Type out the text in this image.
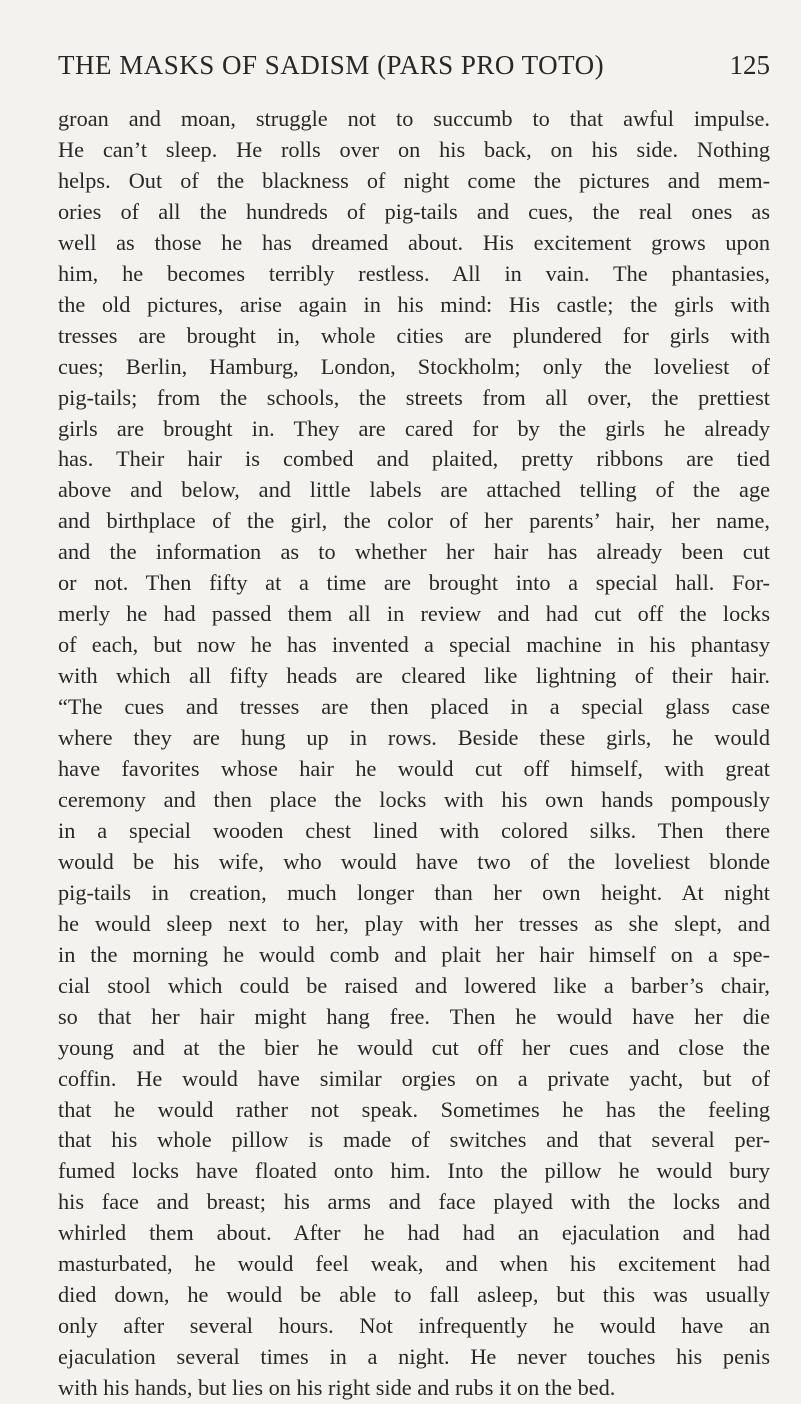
THE MASKS OF SADISM (PARS PRO TOTO)	125
groan and moan, struggle not to succumb to that awful impulse.
He can’t sleep. He rolls over on his back, on his side. Nothing
helps. Out of the blackness of night come the pictures and mem-
ories of all the hundreds of pig-tails and cues, the real ones as
well as those he has dreamed about. His excitement grows upon
him, he becomes terribly restless. All in vain. The phantasies,
the old pictures, arise again in his mind: His castle; the girls with
tresses are brought in, whole cities are plundered for girls with
cues; Berlin, Hamburg, London, Stockholm; only the loveliest of
pig-tails; from the schools, the streets from all over, the prettiest
girls are brought in. They are cared for by the girls he already
has. Their hair is combed and plaited, pretty ribbons are tied
above and below, and little labels are attached telling of the age
and birthplace of the girl, the color of her parents’ hair, her name,
and the information as to whether her hair has already been cut
or not. Then fifty at a time are brought into a special hall. For-
merly he had passed them all in review and had cut off the locks
of each, but now he has invented a special machine in his phantasy
with which all fifty heads are cleared like lightning of their hair.
“The cues and tresses are then placed in a special glass case
where they are hung up in rows. Beside these girls, he would
have favorites whose hair he would cut off himself, with great
ceremony and then place the locks with his own hands pompously
in a special wooden chest lined with colored silks. Then there
would be his wife, who would have two of the loveliest blonde
pig-tails in creation, much longer than her own height. At night
he would sleep next to her, play with her tresses as she slept, and
in the morning he would comb and plait her hair himself on a spe-
cial stool which could be raised and lowered like a barber’s chair,
so that her hair might hang free. Then he would have her die
young and at the bier he would cut off her cues and close the
coffin. He would have similar orgies on a private yacht, but of
that he would rather not speak. Sometimes he has the feeling
that his whole pillow is made of switches and that several per-
fumed locks have floated onto him. Into the pillow he would bury
his face and breast; his arms and face played with the locks and
whirled them about. After he had had an ejaculation and had
masturbated, he would feel weak, and when his excitement had
died down, he would be able to fall asleep, but this was usually
only after several hours. Not infrequently he would have an
ejaculation several times in a night. He never touches his penis
with his hands, but lies on his right side and rubs it on the bed.
